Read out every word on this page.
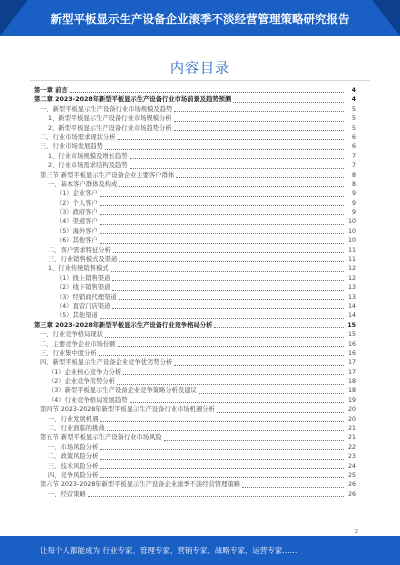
新型平板显示生产设备企业滚季不淡经营管理策略研究报告
内容目录
第一章 前言	4
第二章 2023-2028年新型平板显示生产设备行业市场前景及趋势预测	4
一、新型平板显示生产设备行业市场规模及趋势	5
1、新型平板显示生产设备行业市场规模分析	5
2、新型平板显示生产设备行业市场趋势分析	5
二、行业市场需求现状分析	6
三、行业市场发展趋势	6
1、行业市场规模及增长趋势	7
2、行业市场需求结构及趋势	7
第三节 新型平板显示生产设备企业主要客户群体	8
一、基本客户群体及构成	8
（1）企业客户	9
（2）个人客户	9
（3）政府客户	9
（4）渠道客户	10
（5）海外客户	10
（6）其他客户	10
二、客户需求特征分析	11
三、行业销售模式及渠道	11
1、行业传统销售模式	12
（1）线上销售渠道	12
（2）线下销售渠道	13
（3）经销商代理渠道	13
（4）直营门店渠道	14
（5）其他渠道	14
第三章 2023-2028年新型平板显示生产设备行业竞争格局分析	15
一、行业竞争格局现状	15
二、主要竞争企业市场份额	16
三、行业集中度分析	16
四、新型平板显示生产设备企业竞争优劣势分析	17
（1）企业核心竞争力分析	17
（2）企业竞争劣势分析	18
（3）新型平板显示生产设备企业竞争策略分析及建议	18
（4）行业竞争格局发展趋势	19
第四节 2023-2028年新型平板显示生产设备行业市场机遇分析	20
一、行业发展机遇	20
二、行业面临的挑战	21
第五节 新型平板显示生产设备行业市场风险	21
一、市场风险分析	22
二、政策风险分析	23
三、技术风险分析	24
四、竞争风险分析	25
第六节 2023-2028年新型平板显示生产设备企业滚季不淡经营管理策略	26
一、经营策略	26
2
让每个人都能成为 行业专家、管理专家、营销专家、战略专家、运营专家……
